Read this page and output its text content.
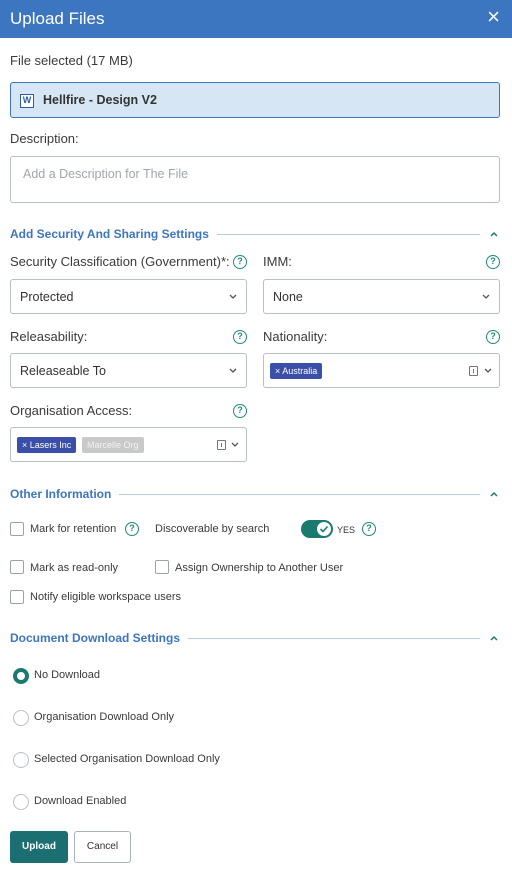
Upload Files	×
File selected (17 MB)
W Hellfire - Design V2
Description:
Add a Description for The File
Add Security And Sharing Settings
Security Classification (Government)*: ?
Protected
IMM:	?
None
Releasability:	?
Releaseable To
Nationality:	?
× Australia
Organisation Access:	?
× Lasers Inc	Marcelle Org
Other Information
Mark for retention	?	Discoverable by search	YES	?
Mark as read-only	Assign Ownership to Another User
Notify eligible workspace users
Document Download Settings
No Download
Organisation Download Only
Selected Organisation Download Only
Download Enabled
Upload	Cancel
